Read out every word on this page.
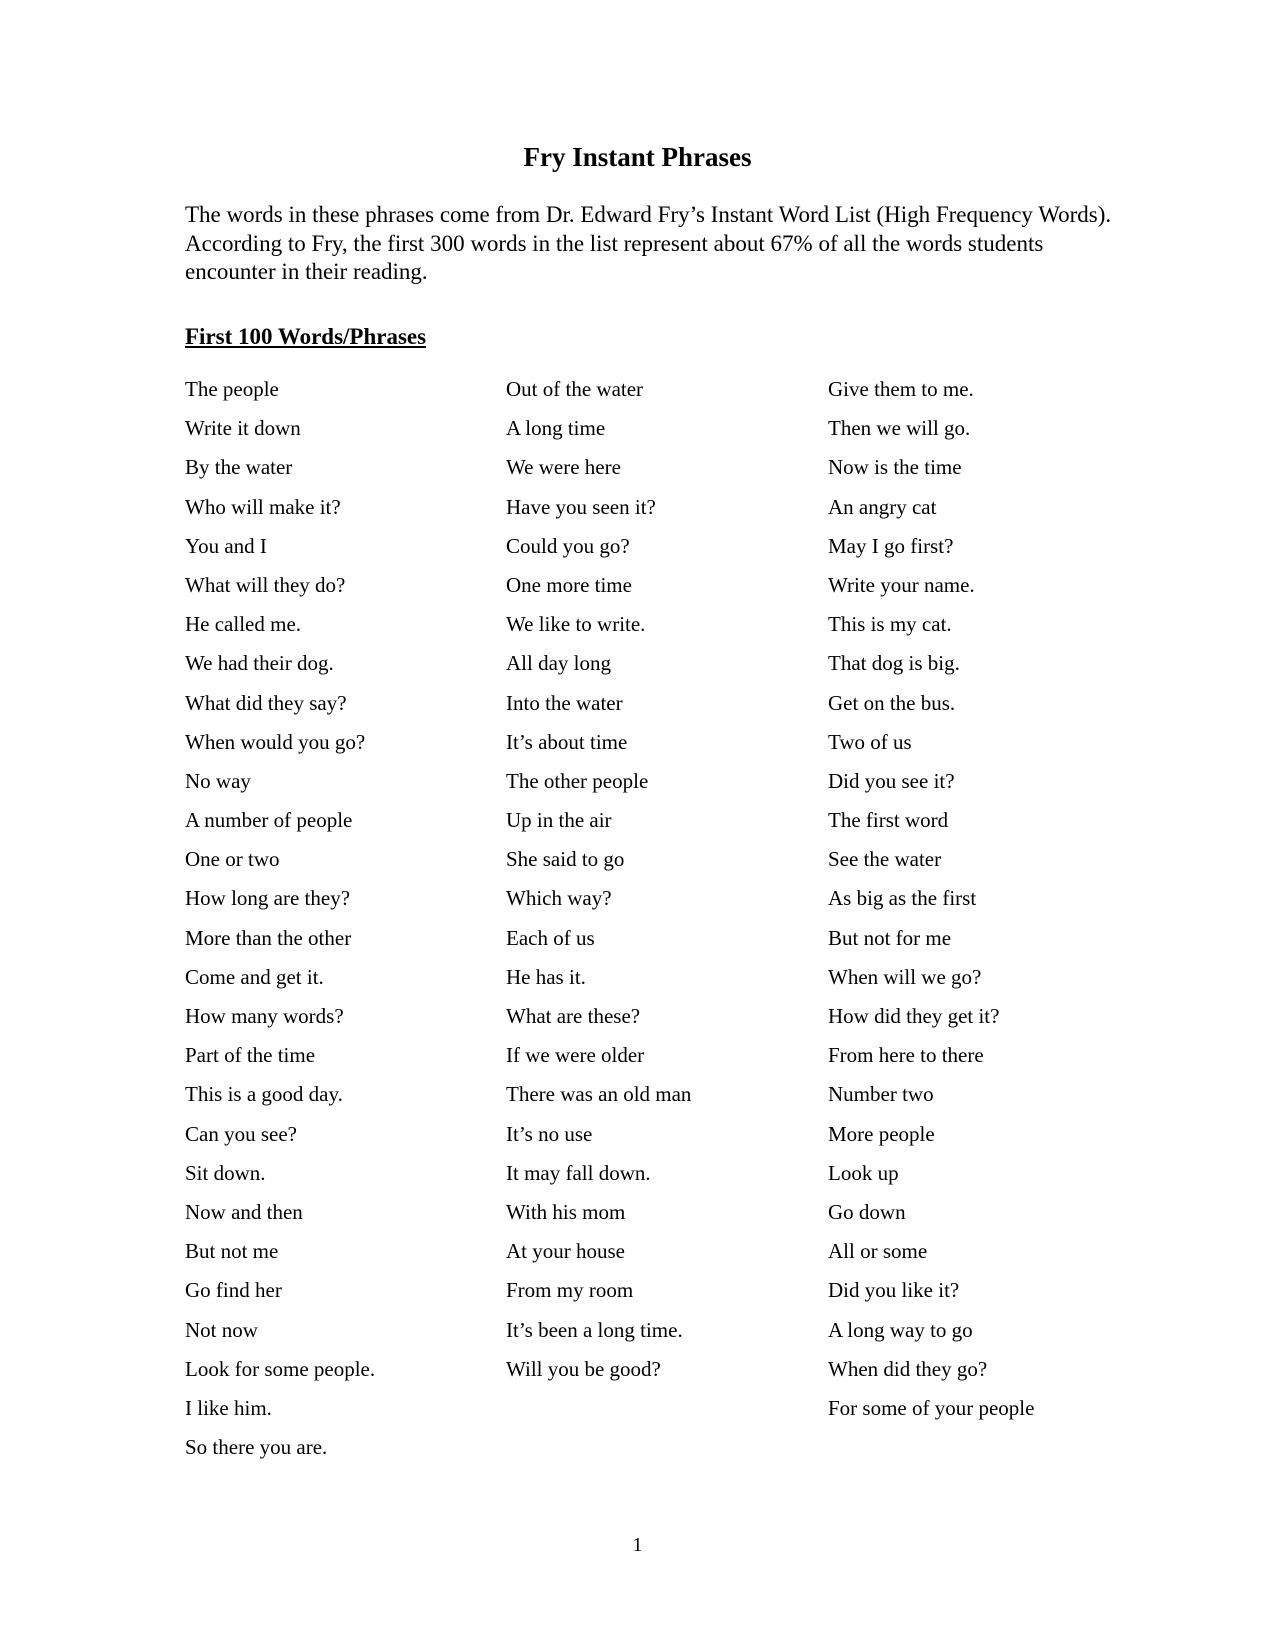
Fry Instant Phrases

The words in these phrases come from Dr. Edward Fry’s Instant Word List (High Frequency Words). According to Fry, the first 300 words in the list represent about 67% of all the words students encounter in their reading.

First 100 Words/Phrases
The people
Write it down
By the water
Who will make it?
You and I
What will they do?
He called me.
We had their dog.
What did they say?
When would you go?
No way
A number of people
One or two
How long are they?
More than the other
Come and get it.
How many words?
Part of the time
This is a good day.
Can you see?
Sit down.
Now and then
But not me
Go find her
Not now
Look for some people.
I like him.
So there you are.
Out of the water
A long time
We were here
Have you seen it?
Could you go?
One more time
We like to write.
All day long
Into the water
It’s about time
The other people
Up in the air
She said to go
Which way?
Each of us
He has it.
What are these?
If we were older
There was an old man
It’s no use
It may fall down.
With his mom
At your house
From my room
It’s been a long time.
Will you be good?
Give them to me.
Then we will go.
Now is the time
An angry cat
May I go first?
Write your name.
This is my cat.
That dog is big.
Get on the bus.
Two of us
Did you see it?
The first word
See the water
As big as the first
But not for me
When will we go?
How did they get it?
From here to there
Number two
More people
Look up
Go down
All or some
Did you like it?
A long way to go
When did they go?
For some of your people
1
